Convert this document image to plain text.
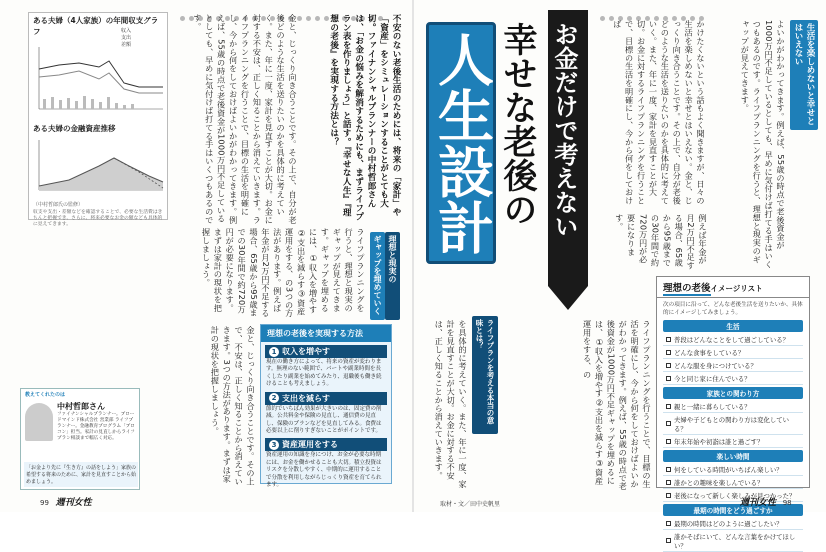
ある夫婦（4人家族）の年間収支グラフ	収入
支出
差額
ある夫婦の金融資産推移
（中村哲郎氏の監修）
収支や支出・差額などを確認することで、必要な生活費はきちんと把握でき、さらに、将来必要なお金の額なども具体的に見えてきます。
不安のない老後生活のためには、将来の「家計」や「資産」をシミュレーションすることがとても大切。ファイナンシャルプランナーの中村哲郎さんは、「お金の悩みを解消するためにも、まずライフプラン表を作りましょう」と話す。『幸せな人生』『理想の老後』を実現する方法とは？
金と、じっくり向き合うことです。その上で、自分が老後どのような生活を送りたいのかを具体的に考えていく。また、年に一度、家計を見直すことが大切。お金に対する不安は、正しく知ることから消えていきます。ライフプランニングを行うことで、目標の生活を明確にし、今から何をしておけばよいかがわかってきます。例えば、55歳の時点で老後資金が1000万円不足しているとしても、早めに気付けば打てる手はいくつもあるのです。
理想と現実の
ギャップを埋めていく
ライフプランニングを行うと、理想と現実のギャップが見えてきます。ギャップを埋めるには、①収入を増やす②支出を減らす③資産運用をする、の3つの方法があります。例えば年金が月2万円不足する場合、65歳から95歳までの30年間で約720万円が必要になります。まずは家計の現状を把握しましょう。
金と、じっくり向き合うことです。その上で、不安は、正しく知ることから消えていきます。3つの方法があります。まずは家計の現状を把握しましょう。	理想の老後を実現する方法
1 収入を増やす
現在の働き方によって、将来の資産が変わります。無理のない範囲で、パートや副業時間を長くしたり副業を始めてみたり、退職後も働き続けることも考えましょう。
2 支出を減らす
節約でいちばん効果が大きいのは、固定費の削減。公共料金や保険の見直し、通信費の見直し、保険のプランなどを見直してみる。食費は必要以上に削りすぎないことがポイントです。
3 資産運用をする
資産運用の知識を身につけ、お金が必要な時期には、お金を働かせることも大切。積立投資はリスクを分散しやすく、中期的に運用することで分散を利用しながらじっくり資産を育てられます。
教えてくれたのは
中村哲郎さん
ファイナンシャルプランナー。ブロードマインド株式会社 営業部 ライフプランナー。金融教育プログラム「ブロコン」担当。家計の見直しからライフプラン相談まで幅広く対応。
「お金より先に『生き方』の話をしよう」家族の希望する将来のために、家計を見直すことから始めましょう。
99 週刊女性
お金だけで考えない
幸せな老後の
人生設計	かけたくないという話もよく聞きますが、日々の生活を楽しめないと幸せとはいえない。金と、じっくり向き合うことです。その上で、自分が老後どのような生活を送りたいのかを具体的に考えていく。また、年に一度、家計を見直すことが大切。お金に対するライフプランニングを行うことで、目標の生活を明確にし、今から何をしておけば	生活を楽しめないと幸せとはいえない
よいかがわかってきます。例えば、55歳の時点で老後資金が1000万円不足しているとしても、早めに気付けば打てる手はいくつもあるのです。ライフプランニングを行うと、理想と現実のギャップが見えてきます。
例えば年金が月2万円不足する場合、65歳から95歳までの30年間で約720万円が必要になります。
ライフプランを考える本当の意味とは？
を具体的に考えていく。また、年に一度、家計を見直すことが大切。お金に対する不安は、正しく知ることから消えていきます。	ライフプランニングを行うことで、目標の生活を明確にし、今から何をしておけばよいかがわかってきます。例えば、55歳の時点で老後資金が1000万円不足ギャップを埋めるには、①収入を増やす②支出を減らす③資産運用をする、の
理想の老後イメージリスト
次の項目に沿って、どんな老後生活を送りたいか、具体的にイメージしてみましょう。
生活
普段はどんなことをして過ごしている？
どんな食事をしている？
どんな服を身につけている？
今と同じ家に住んでいる？
家族との関わり方
親と一緒に暮らしている？
夫婦や子どもとの関わり方は変化している？
年末年始や初詣は誰と過ごす？
楽しい時間
何をしている時間がいちばん楽しい？
誰かとの趣味を楽しんでいる？
老後になって新しく楽しみが見つかった？
最期の時間をどう過ごすか
最期の時間はどのように過ごしたい？
誰かそばにいて、どんな言葉をかけてほしい？
取材・文／田中史帆里	週刊女性 98
